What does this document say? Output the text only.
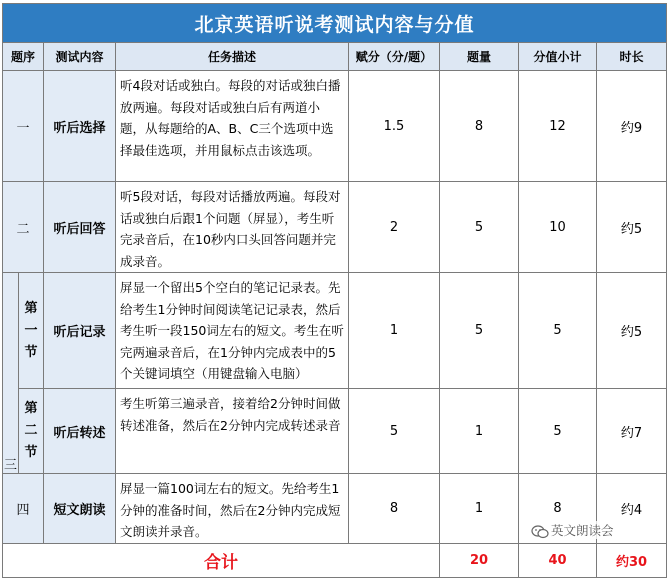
北京英语听说考测试内容与分值							
题序		测试内容	任务描述	赋分（分/题）	题量	分值小计	时长
一		听后选择	听4段对话或独白。每段的对话或独白播放两遍。每段对话或独白后有两道小题，从每题给的A、B、C三个选项中选择最佳选项，并用鼠标点击该选项。	1.5	8	12	约9
二		听后回答	听5段对话，每段对话播放两遍。每段对话或独白后跟1个问题（屏显），考生听完录音后，在10秒内口头回答问题并完成录音。	2	5	10	约5
三	第一节	听后记录	屏显一个留出5个空白的笔记记录表。先给考生1分钟时间阅读笔记记录表，然后考生听一段150词左右的短文。考生在听完两遍录音后，在1分钟内完成表中的5个关键词填空（用键盘输入电脑）	1	5	5	约5
	第二节	听后转述	考生听第三遍录音，接着给2分钟时间做转述准备，然后在2分钟内完成转述录音	5	1	5	约7
四		短文朗读	屏显一篇100词左右的短文。先给考生1分钟的准备时间，然后在2分钟内完成短文朗读并录音。	8	1	8	约4
合计					20	40	约30
英文朗读会
